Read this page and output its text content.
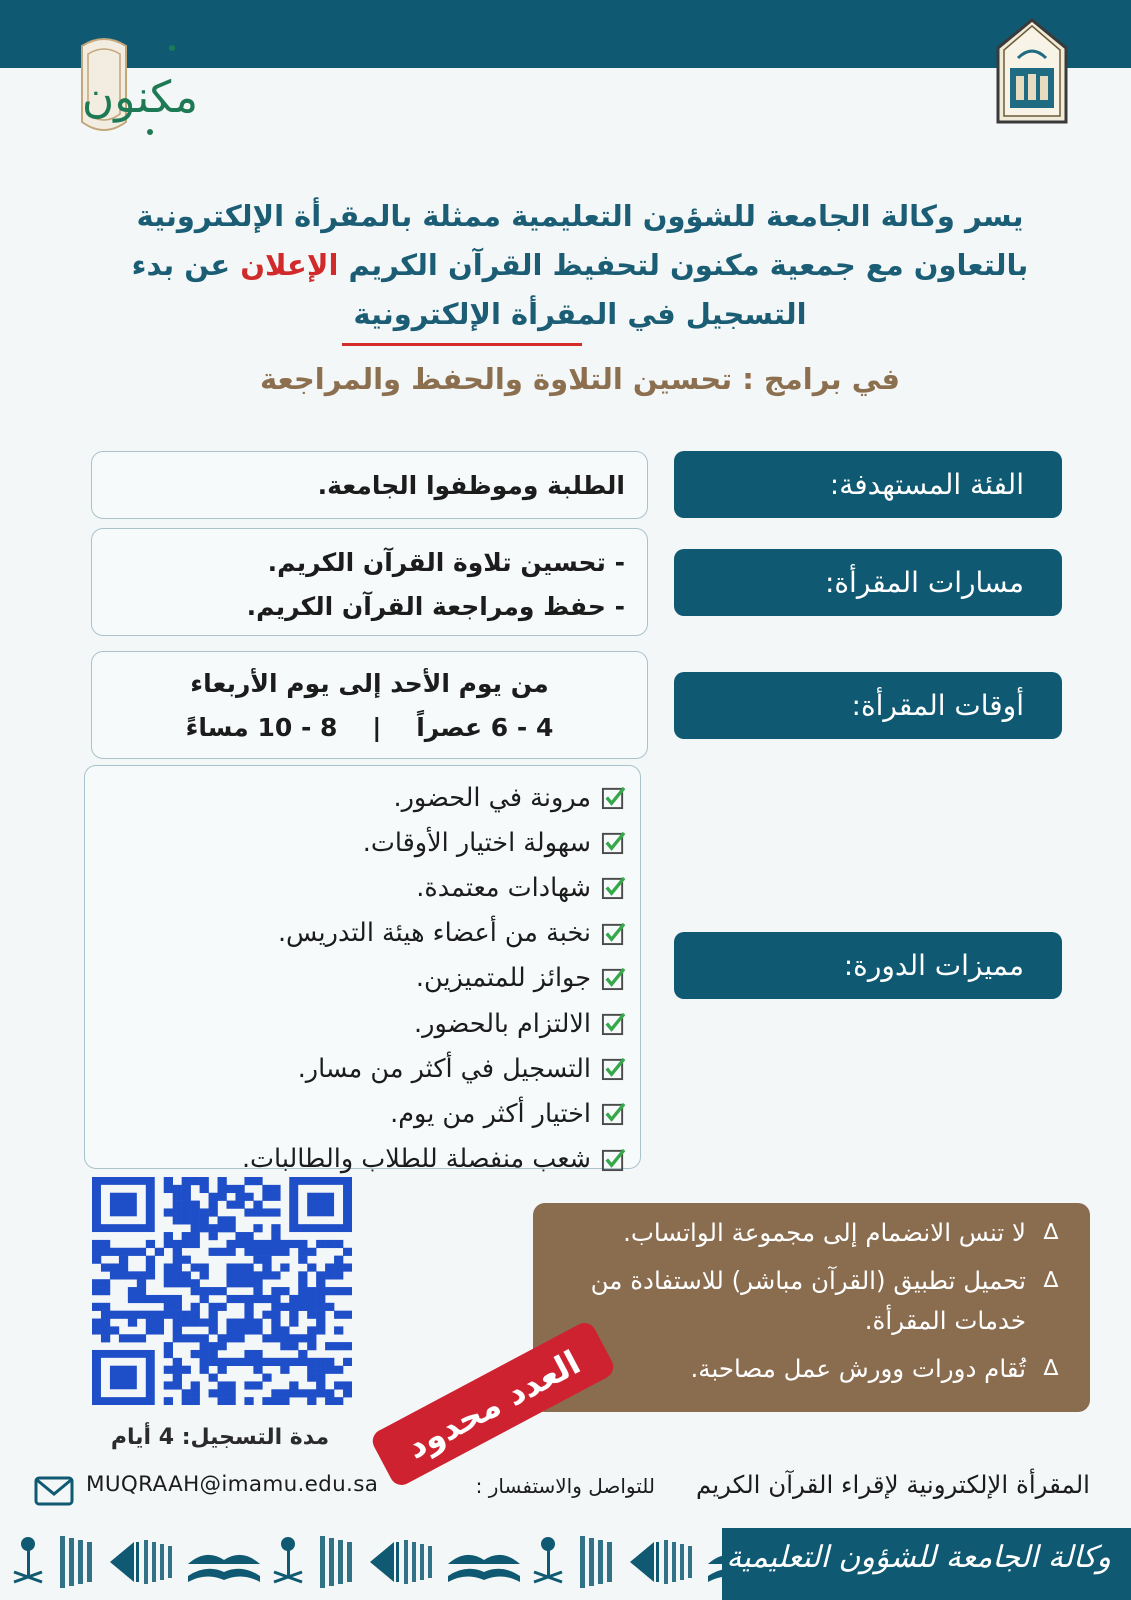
مكنون
يسر وكالة الجامعة للشؤون التعليمية ممثلة بالمقرأة الإلكترونية
بالتعاون مع جمعية مكنون لتحفيظ القرآن الكريم الإعلان عن بدء
التسجيل في المقرأة الإلكترونية
في برامج : تحسين التلاوة والحفظ والمراجعة
الفئة المستهدفة:
مسارات المقرأة:
أوقات المقرأة:
مميزات الدورة:
الطلبة وموظفوا الجامعة.
- تحسين تلاوة القرآن الكريم.
- حفظ ومراجعة القرآن الكريم.
من يوم الأحد إلى يوم الأربعاء
4 - 6 عصراً    |    8 - 10 مساءً
مرونة في الحضور.
سهولة اختيار الأوقات.
شهادات معتمدة.
نخبة من أعضاء هيئة التدريس.
جوائز للمتميزين.
الالتزام بالحضور.
التسجيل في أكثر من مسار.
اختيار أكثر من يوم.
شعب منفصلة للطلاب والطالبات.
مدة التسجيل: 4 أيام
∆
لا تنس الانضمام إلى مجموعة الواتساب.
∆
تحميل تطبيق (القرآن مباشر) للاستفادة من خدمات المقرأة.
∆
تُقام دورات وورش عمل مصاحبة.
العدد محدود
المقرأة الإلكترونية لإقراء القرآن الكريم
للتواصل والاستفسار :
MUQRAAH@imamu.edu.sa
وكالة الجامعة للشؤون التعليمية
